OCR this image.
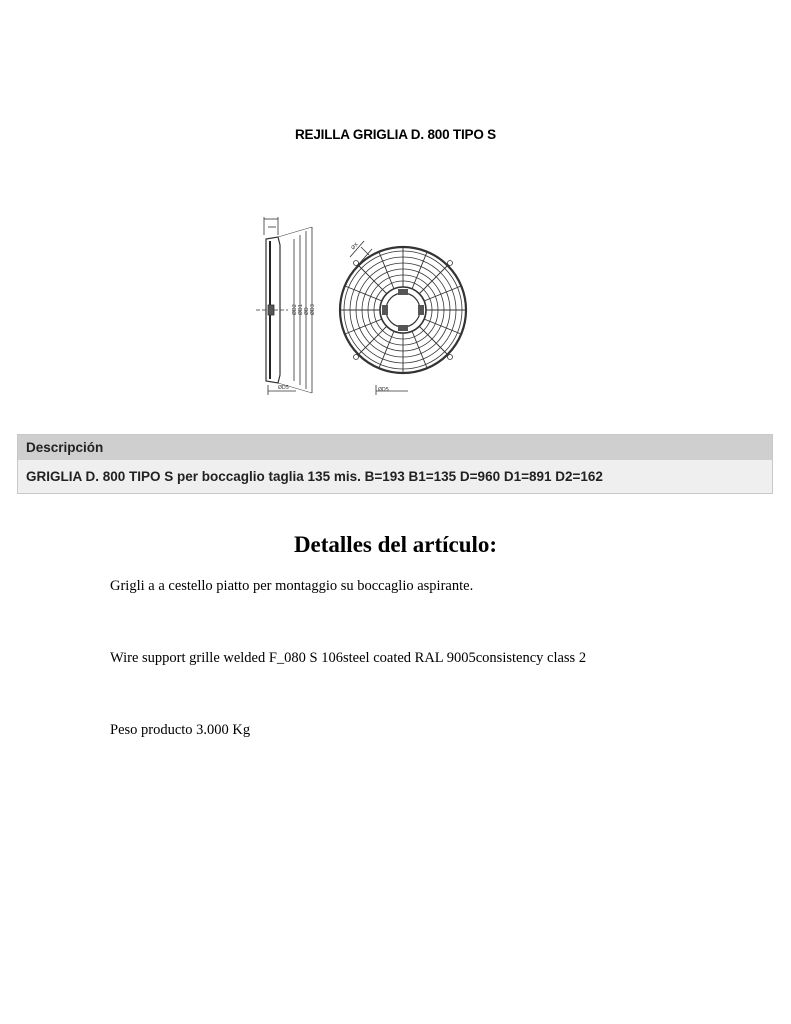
REJILLA GRIGLIA D. 800 TIPO S
ØD2 ØD1 ØD ØD3
ØD5	ØD5
ØX
Descripción
GRIGLIA D. 800 TIPO S per boccaglio taglia 135 mis. B=193 B1=135 D=960 D1=891 D2=162
Detalles del artículo:
Grigli a a cestello piatto per montaggio su boccaglio aspirante.
Wire support grille welded F_080 S 106steel coated RAL 9005consistency class 2
Peso producto 3.000 Kg
